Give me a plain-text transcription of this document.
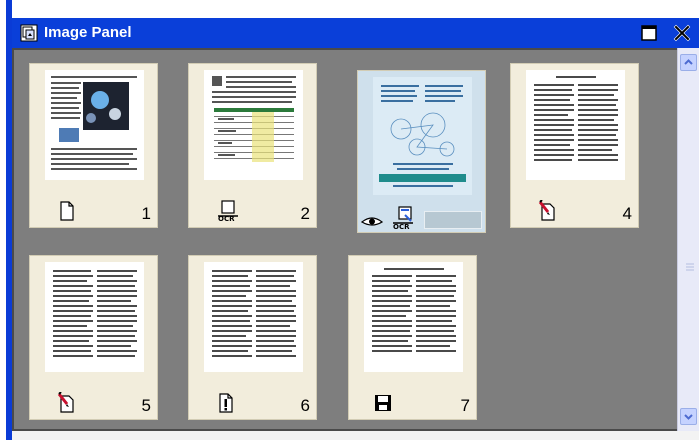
Image Panel
1	OCR	2
OCR
4
5	6	7
